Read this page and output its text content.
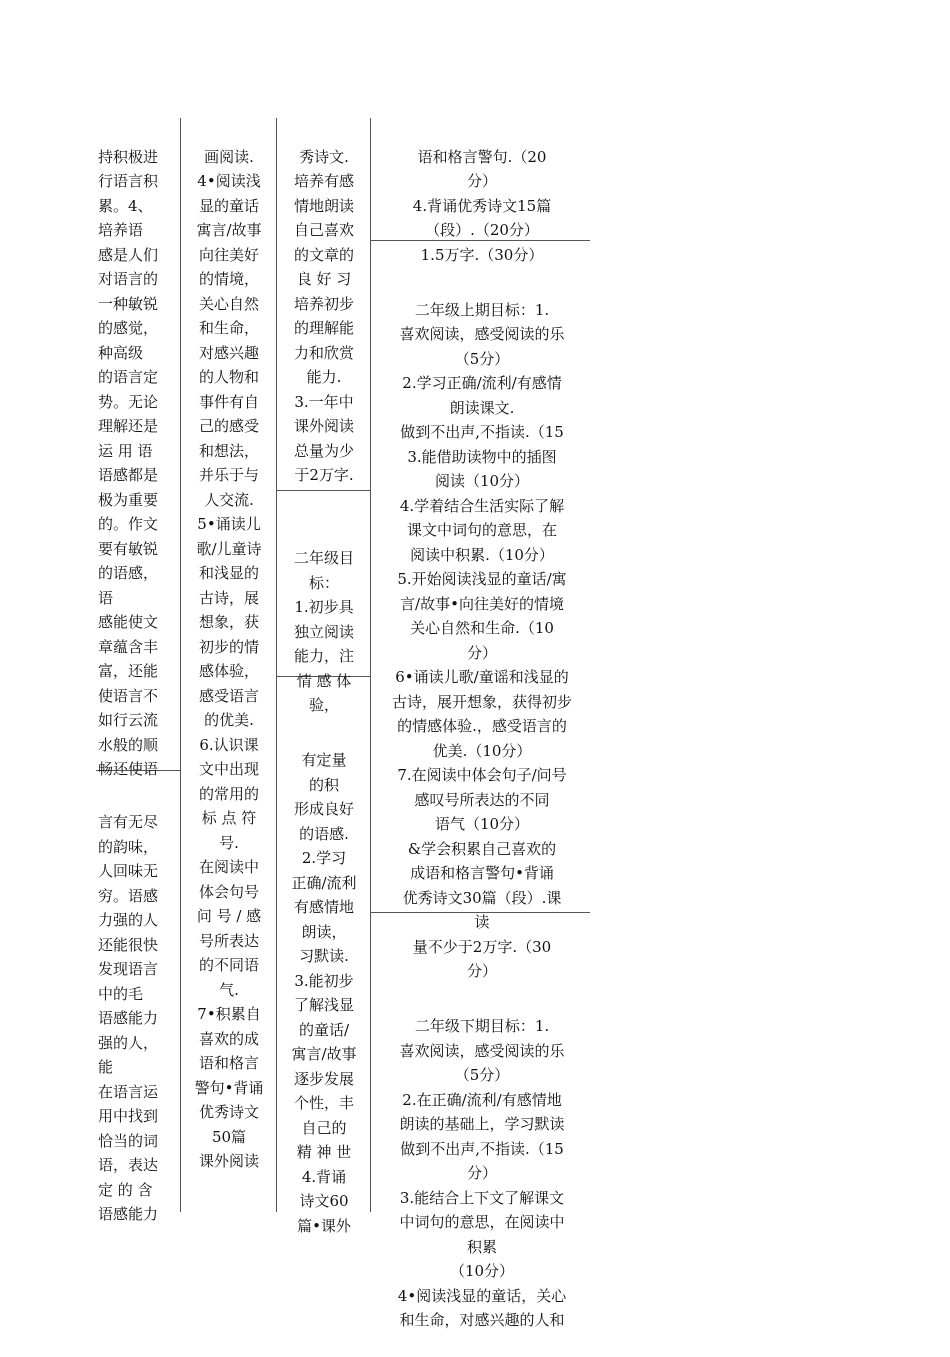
持积极进
行语言积
累。4、
培养语
感是人们
对语言的
一种敏锐
的感觉，
种高级
的语言定
势。无论
理解还是
运 用 语
语感都是
极为重要
的。作文
要有敏锐
的语感，
语
感能使文
章蕴含丰
富，还能
使语言不
如行云流
水般的顺
畅还使语

言有无尽
的韵味，
人回味无
穷。语感
力强的人
还能很快
发现语言
中的毛
语感能力
强的人，
能
在语言运
用中找到
恰当的词
语，表达
定 的 含
语感能力

画阅读.
4•阅读浅
显的童话
寓言/故事
向往美好
的情境，
关心自然
和生命，
对感兴趣
的人物和
事件有自
己的感受
和想法，
并乐于与
人交流.
5•诵读儿
歌/儿童诗
和浅显的
古诗，展
想象，获
初步的情
感体验，
感受语言
的优美.
6.认识课
文中出现
的常用的
标 点 符
号.
在阅读中
体会句号
问 号 / 感
号所表达
的不同语
气.
7•积累自
喜欢的成
语和格言
警句•背诵
优秀诗文
50篇
课外阅读

秀诗文.
培养有感
情地朗读
自己喜欢
的文章的
良 好 习
培养初步
的理解能
力和欣赏
能力.
3.一年中
课外阅读
总量为少
于2万字.

二年级目
标：
1.初步具
独立阅读
能力，注
情 感 体
验，

有定量
的积
形成良好
的语感.
2.学习
正确/流利
有感情地
朗读，
习默读.
3.能初步
了解浅显
的童话/
寓言/故事
逐步发展
个性，丰
自己的
精 神 世
4.背诵
诗文60
篇•课外

语和格言警句.（20
分）
4.背诵优秀诗文15篇
（段）.（20分）
1.5万字.（30分）

二年级上期目标：1.
喜欢阅读，感受阅读的乐
（5分）
2.学习正确/流利/有感情
朗读课文.
做到不出声,不指读.（15
3.能借助读物中的插图
阅读（10分）
4.学着结合生活实际了解
课文中词句的意思，在
阅读中积累.（10分）
5.开始阅读浅显的童话/寓
言/故事•向往美好的情境
关心自然和生命.（10
分）
6•诵读儿歌/童谣和浅显的
古诗，展开想象，获得初步
的情感体验.，感受语言的
优美.（10分）
7.在阅读中体会句子/问号
感叹号所表达的不同
语气（10分）
&学会积累自己喜欢的
成语和格言警句•背诵
优秀诗文30篇（段）.课
读
量不少于2万字.（30
分）

二年级下期目标：1.
喜欢阅读，感受阅读的乐
（5分）
2.在正确/流利/有感情地
朗读的基础上，学习默读
做到不出声,不指读.（15
分）
3.能结合上下文了解课文
中词句的意思，在阅读中
积累
（10分）
4•阅读浅显的童话，关心
和生命，对感兴趣的人和
